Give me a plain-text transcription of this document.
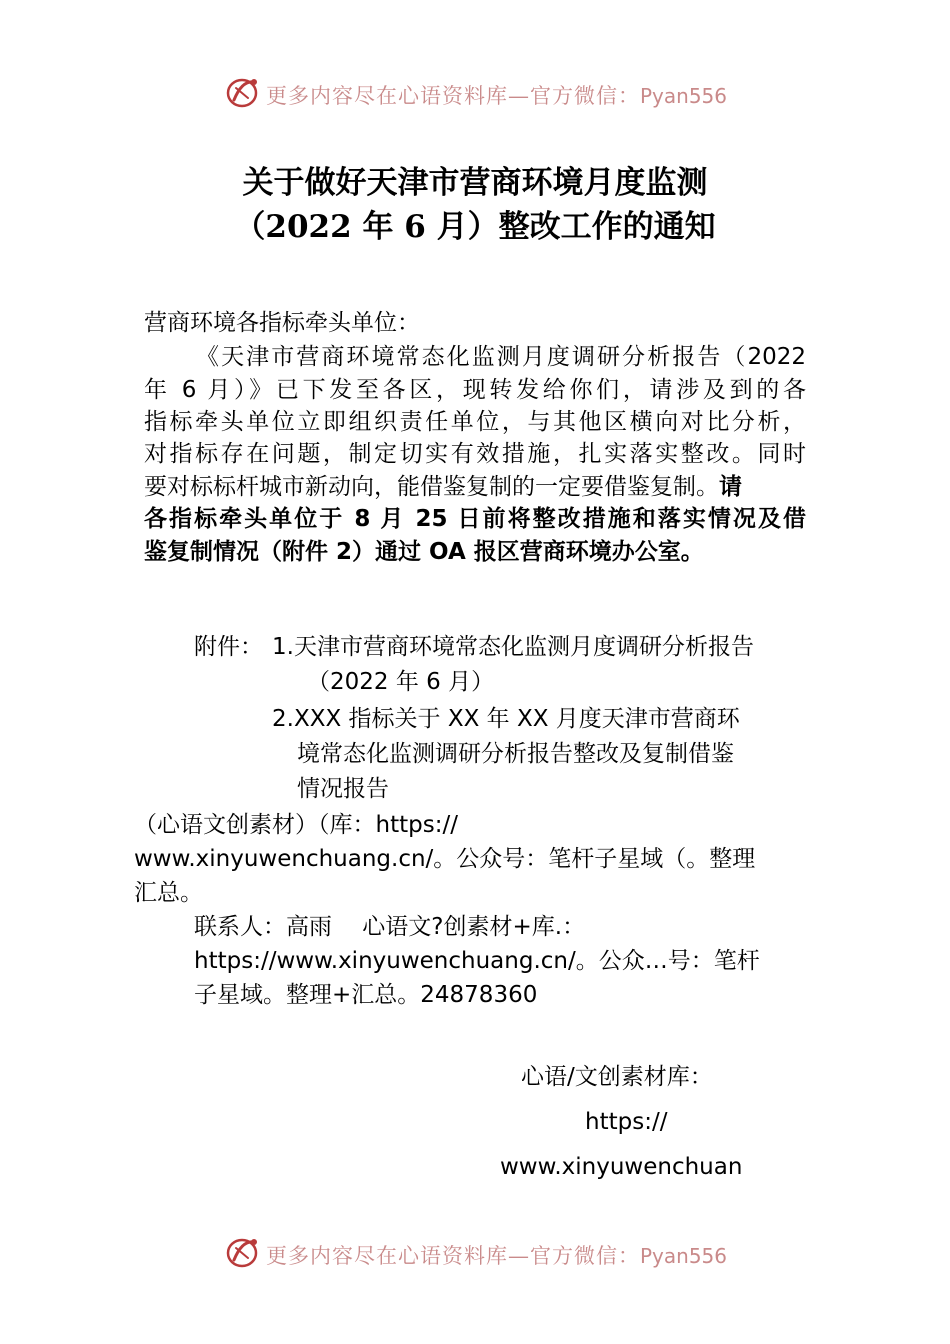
更多内容尽在心语资料库—官方微信：Pyan556
关于做好天津市营商环境月度监测
（2022 年 6 月）整改工作的通知
营商环境各指标牵头单位：
《天津市营商环境常态化监测月度调研分析报告（2022
年 6 月）》已下发至各区，现转发给你们，请涉及到的各
指标牵头单位立即组织责任单位，与其他区横向对比分析，
对指标存在问题，制定切实有效措施，扎实落实整改。同时
要对标标杆城市新动向，能借鉴复制的一定要借鉴复制。请
各指标牵头单位于 8 月 25 日前将整改措施和落实情况及借
鉴复制情况（附件 2）通过 OA 报区营商环境办公室。
附件： 1.天津市营商环境常态化监测月度调研分析报告
（2022 年 6 月）
2.XXX 指标关于 XX 年 XX 月度天津市营商环
境常态化监测调研分析报告整改及复制借鉴
情况报告
（心语文创素材）（库：https://
www.xinyuwenchuang.cn/。公众号：笔杆子星域（。整理
汇总。
联系人：高雨　 心语文?创素材+库.：
https://www.xinyuwenchuang.cn/。公众…号：笔杆
子星域。整理+汇总。24878360
心语/文创素材库：
https://
www.xinyuwenchuan
更多内容尽在心语资料库—官方微信：Pyan556
